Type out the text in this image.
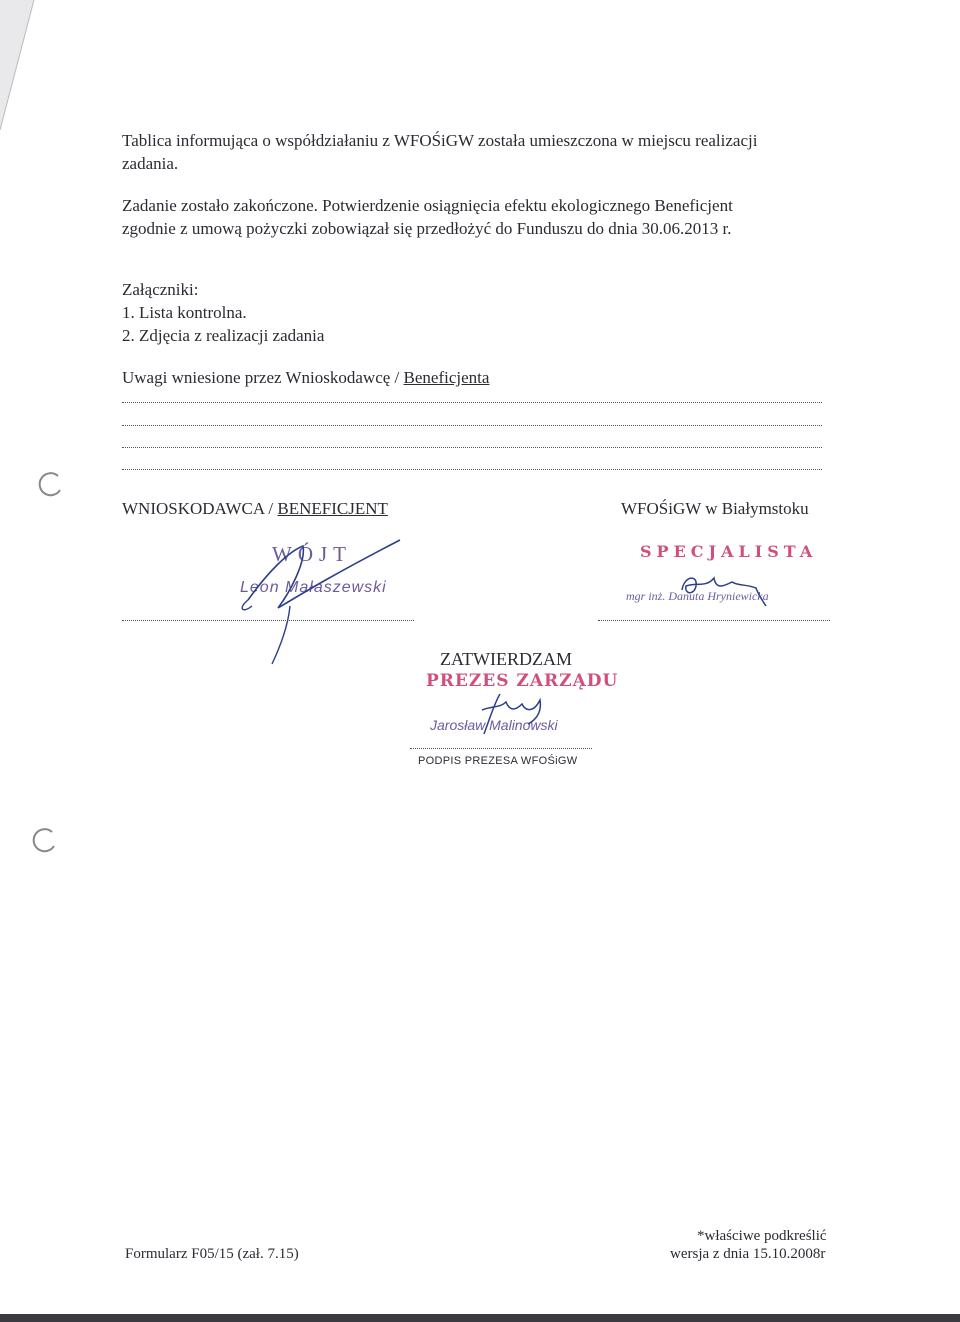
Tablica informująca o współdziałaniu z WFOŚiGW została umieszczona w miejscu realizacji
zadania.
Zadanie zostało zakończone. Potwierdzenie osiągnięcia efektu ekologicznego Beneficjent
zgodnie z umową pożyczki zobowiązał się przedłożyć do Funduszu do dnia 30.06.2013 r.
Załączniki:
1. Lista kontrolna.
2. Zdjęcia z realizacji zadania
Uwagi wniesione przez Wnioskodawcę / Beneficjenta
WNIOSKODAWCA / BENEFICJENT
WÓJT
Leon Małaszewski
WFOŚiGW w Białymstoku
SPECJALISTA
mgr inż. Danuta Hryniewicka
ZATWIERDZAM
PREZES ZARZĄDU
Jarosław Malinowski
PODPIS PREZESA WFOŚiGW
Formularz F05/15 (zał. 7.15)
*właściwe podkreślić
wersja z dnia 15.10.2008r
